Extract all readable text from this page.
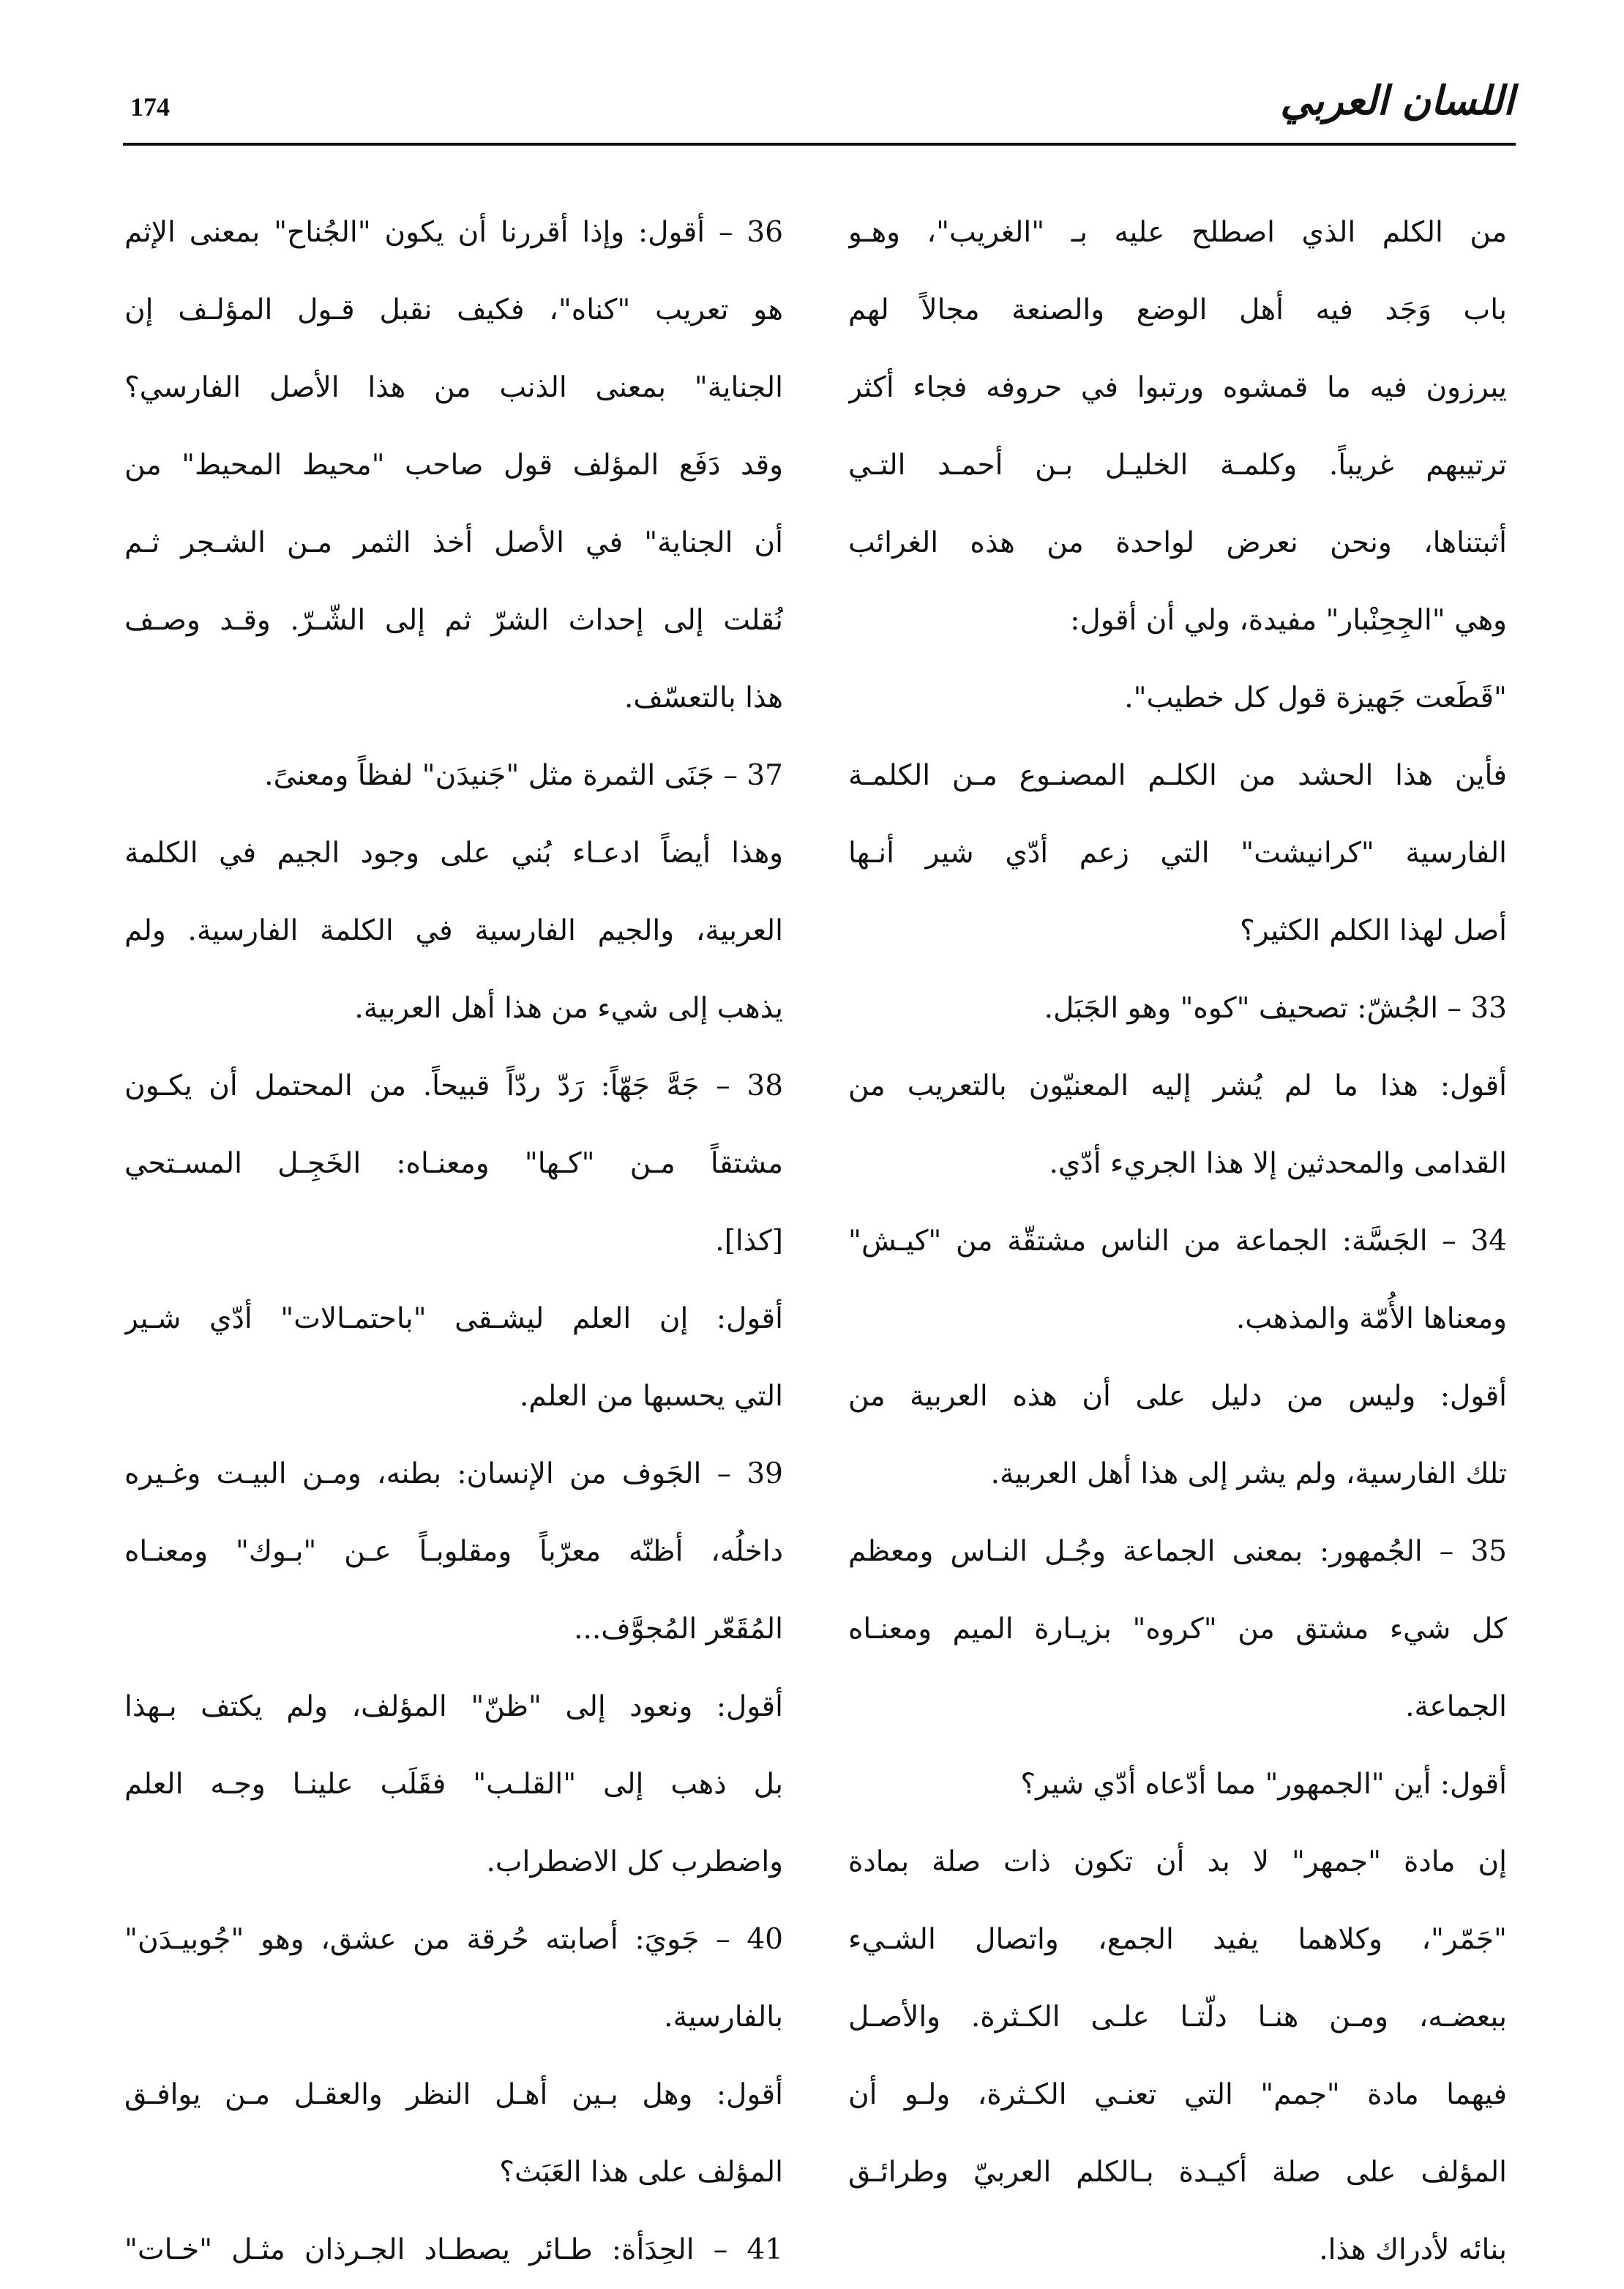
174	اللسان العربي
من الكلم الذي اصطلح عليه بـ "الغريب"، وهـو
باب وَجَد فيه أهل الوضع والصنعة مجالاً لهم
يبرزون فيه ما قمشوه ورتبوا في حروفه فجاء أكثر
ترتيبهم غريباً. وكلمـة الخليـل بـن أحمـد التـي
أثبتناها، ونحن نعرض لواحدة من هذه الغرائب
وهي "الجِحِنْبار" مفيدة، ولي أن أقول:
"قَطَعت جَهيزة قول كل خطيب".
فأين هذا الحشد من الكلـم المصنـوع مـن الكلمـة
الفارسية "كرانيشت" التي زعم أدّي شير أنـها
أصل لهذا الكلم الكثير؟
33 – الجُشّ: تصحيف "كوه" وهو الجَبَل.
أقول: هذا ما لم يُشر إليه المعنيّون بالتعريب من
القدامى والمحدثين إلا هذا الجريء أدّي.
34 – الجَسَّة: الجماعة من الناس مشتقّة من "كيـش"
ومعناها الأُمّة والمذهب.
أقول: وليس من دليل على أن هذه العربية من
تلك الفارسية، ولم يشر إلى هذا أهل العربية.
35 – الجُمهور: بمعنى الجماعة وجُـل النـاس ومعظم
كل شيء مشتق من "كروه" بزيـارة الميم ومعنـاه
الجماعة.
أقول: أين "الجمهور" مما أدّعاه أدّي شير؟
إن مادة "جمهر" لا بد أن تكون ذات صلة بمادة
"جَمّر"، وكلاهما يفيد الجمع، واتصال الشـيء
ببعضـه، ومـن هنـا دلّتـا علـى الكـثرة. والأصـل
فيهما مادة "جمم" التي تعنـي الكـثرة، ولـو أن
المؤلف على صلة أكيـدة بـالكلم العربيّ وطرائـق
بنائه لأدراك هذا.
36 – أقول: وإذا أقررنا أن يكون "الجُناح" بمعنى الإثم
هو تعريب "كناه"، فكيف نقبل قـول المؤلـف إن
الجناية" بمعنى الذنب من هذا الأصل الفارسي؟
وقد دَفَع المؤلف قول صاحب "محيط المحيط" من
أن الجناية" في الأصل أخذ الثمر مـن الشـجر ثـم
نُقلت إلى إحداث الشرّ ثم إلى الشّـرّ. وقـد وصـف
هذا بالتعسّف.
37 – جَنَى الثمرة مثل "جَنيدَن" لفظاً ومعنىً.
وهذا أيضاً ادعـاء بُني على وجود الجيم في الكلمة
العربية، والجيم الفارسية في الكلمة الفارسية. ولم
يذهب إلى شيء من هذا أهل العربية.
38 – جَهَّ جَهّاً: رَدّ ردّاً قبيحاً. من المحتمل أن يكـون
مشتقاً مـن "كـها" ومعنـاه: الخَجِـل المسـتحي
[كذا].
أقول: إن العلم ليشـقى "باحتمـالات" أدّي شـير
التي يحسبها من العلم.
39 – الجَوف من الإنسان: بطنه، ومـن البيـت وغـيره
داخلُه، أظنّه معرّباً ومقلوبـاً عـن "بـوك" ومعنـاه
المُقَعّر المُجوَّف...
أقول: ونعود إلى "ظنّ" المؤلف، ولم يكتف بـهذا
بل ذهب إلى "القلـب" فقَلَب علينـا وجـه العلم
واضطرب كل الاضطراب.
40 – جَويَ: أصابته حُرقة من عشق، وهو "جُوبيـدَن"
بالفارسية.
أقول: وهل بـين أهـل النظر والعقـل مـن يوافـق
المؤلف على هذا العَبَث؟
41 – الحِدَأة: طـائر يصطـاد الجـرذان مثـل "خـات"
